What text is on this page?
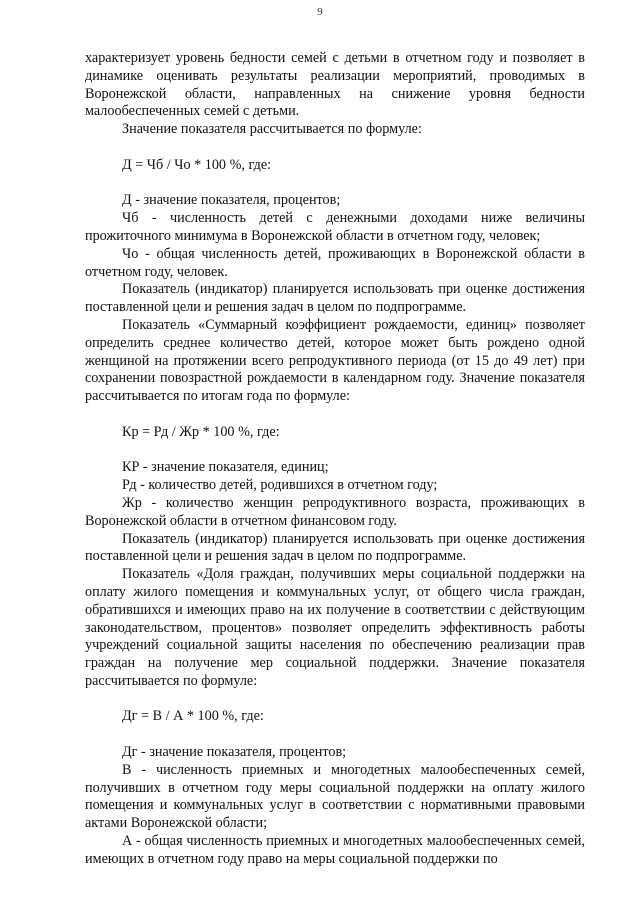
9

характеризует уровень бедности семей с детьми в отчетном году и позволяет в динамике оценивать результаты реализации мероприятий, проводимых в Воронежской области, направленных на снижение уровня бедности малообеспеченных семей с детьми.

Значение показателя рассчитывается по формуле:

Д = Чб / Чо * 100 %, где:

Д - значение показателя, процентов;

Чб - численность детей с денежными доходами ниже величины прожиточного минимума в Воронежской области в отчетном году, человек;

Чо - общая численность детей, проживающих в Воронежской области в отчетном году, человек.

Показатель (индикатор) планируется использовать при оценке достижения поставленной цели и решения задач в целом по подпрограмме.

Показатель «Суммарный коэффициент рождаемости, единиц» позволяет определить среднее количество детей, которое может быть рождено одной женщиной на протяжении всего репродуктивного периода (от 15 до 49 лет) при сохранении повозрастной рождаемости в календарном году. Значение показателя рассчитывается по итогам года по формуле:

Кр = Рд / Жр * 100 %, где:

КР - значение показателя, единиц;

Рд - количество детей, родившихся в отчетном году;

Жр - количество женщин репродуктивного возраста, проживающих в Воронежской области в отчетном финансовом году.

Показатель (индикатор) планируется использовать при оценке достижения поставленной цели и решения задач в целом по подпрограмме.

Показатель «Доля граждан, получивших меры социальной поддержки на оплату жилого помещения и коммунальных услуг, от общего числа граждан, обратившихся и имеющих право на их получение в соответствии с действующим законодательством, процентов» позволяет определить эффективность работы учреждений социальной защиты населения по обеспечению реализации прав граждан на получение мер социальной поддержки. Значение показателя рассчитывается по формуле:

Дг = В / А * 100 %, где:

Дг - значение показателя, процентов;

В - численность приемных и многодетных малообеспеченных семей, получивших в отчетном году меры социальной поддержки на оплату жилого помещения и коммунальных услуг в соответствии с нормативными правовыми актами Воронежской области;

А - общая численность приемных и многодетных малообеспеченных семей, имеющих в отчетном году право на меры социальной поддержки по
